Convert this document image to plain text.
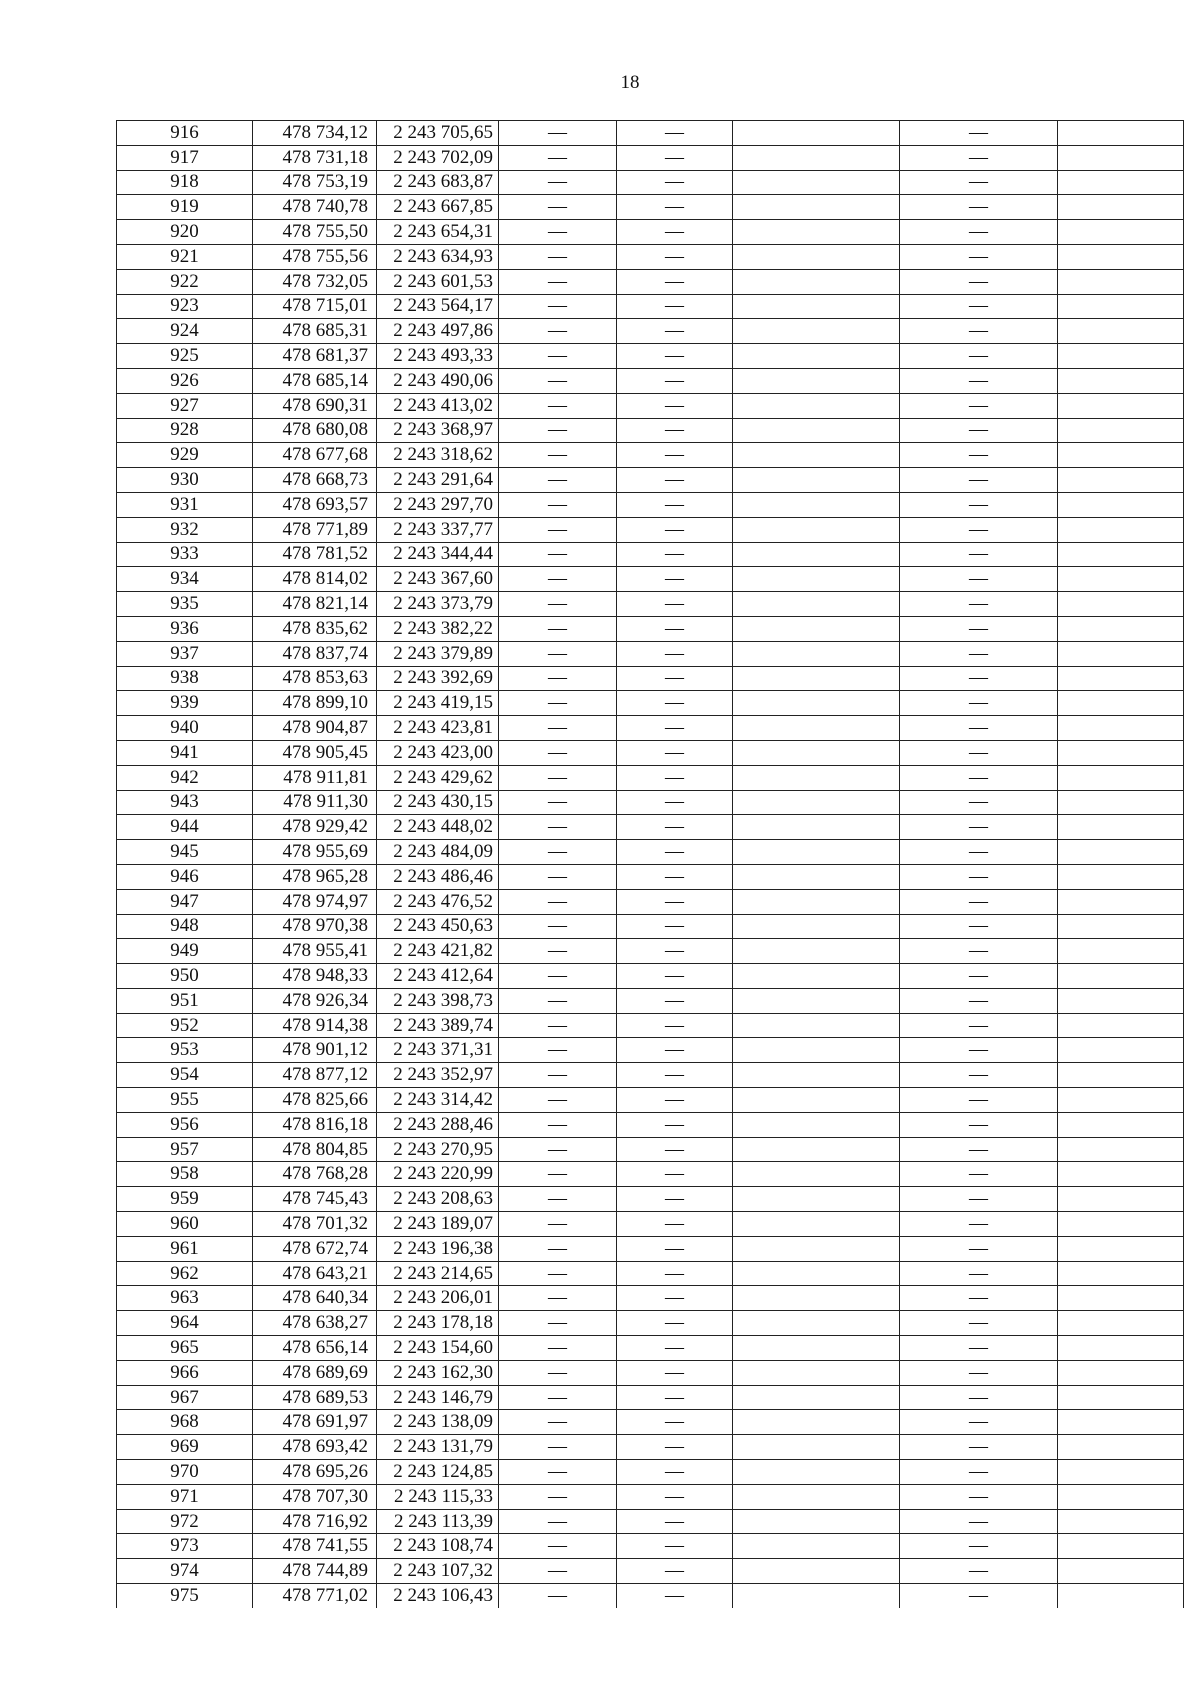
18
916	478 734,12	2 243 705,65	—	—		—	
917	478 731,18	2 243 702,09	—	—		—	
918	478 753,19	2 243 683,87	—	—		—	
919	478 740,78	2 243 667,85	—	—		—	
920	478 755,50	2 243 654,31	—	—		—	
921	478 755,56	2 243 634,93	—	—		—	
922	478 732,05	2 243 601,53	—	—		—	
923	478 715,01	2 243 564,17	—	—		—	
924	478 685,31	2 243 497,86	—	—		—	
925	478 681,37	2 243 493,33	—	—		—	
926	478 685,14	2 243 490,06	—	—		—	
927	478 690,31	2 243 413,02	—	—		—	
928	478 680,08	2 243 368,97	—	—		—	
929	478 677,68	2 243 318,62	—	—		—	
930	478 668,73	2 243 291,64	—	—		—	
931	478 693,57	2 243 297,70	—	—		—	
932	478 771,89	2 243 337,77	—	—		—	
933	478 781,52	2 243 344,44	—	—		—	
934	478 814,02	2 243 367,60	—	—		—	
935	478 821,14	2 243 373,79	—	—		—	
936	478 835,62	2 243 382,22	—	—		—	
937	478 837,74	2 243 379,89	—	—		—	
938	478 853,63	2 243 392,69	—	—		—	
939	478 899,10	2 243 419,15	—	—		—	
940	478 904,87	2 243 423,81	—	—		—	
941	478 905,45	2 243 423,00	—	—		—	
942	478 911,81	2 243 429,62	—	—		—	
943	478 911,30	2 243 430,15	—	—		—	
944	478 929,42	2 243 448,02	—	—		—	
945	478 955,69	2 243 484,09	—	—		—	
946	478 965,28	2 243 486,46	—	—		—	
947	478 974,97	2 243 476,52	—	—		—	
948	478 970,38	2 243 450,63	—	—		—	
949	478 955,41	2 243 421,82	—	—		—	
950	478 948,33	2 243 412,64	—	—		—	
951	478 926,34	2 243 398,73	—	—		—	
952	478 914,38	2 243 389,74	—	—		—	
953	478 901,12	2 243 371,31	—	—		—	
954	478 877,12	2 243 352,97	—	—		—	
955	478 825,66	2 243 314,42	—	—		—	
956	478 816,18	2 243 288,46	—	—		—	
957	478 804,85	2 243 270,95	—	—		—	
958	478 768,28	2 243 220,99	—	—		—	
959	478 745,43	2 243 208,63	—	—		—	
960	478 701,32	2 243 189,07	—	—		—	
961	478 672,74	2 243 196,38	—	—		—	
962	478 643,21	2 243 214,65	—	—		—	
963	478 640,34	2 243 206,01	—	—		—	
964	478 638,27	2 243 178,18	—	—		—	
965	478 656,14	2 243 154,60	—	—		—	
966	478 689,69	2 243 162,30	—	—		—	
967	478 689,53	2 243 146,79	—	—		—	
968	478 691,97	2 243 138,09	—	—		—	
969	478 693,42	2 243 131,79	—	—		—	
970	478 695,26	2 243 124,85	—	—		—	
971	478 707,30	2 243 115,33	—	—		—	
972	478 716,92	2 243 113,39	—	—		—	
973	478 741,55	2 243 108,74	—	—		—	
974	478 744,89	2 243 107,32	—	—		—	
975	478 771,02	2 243 106,43	—	—		—	
